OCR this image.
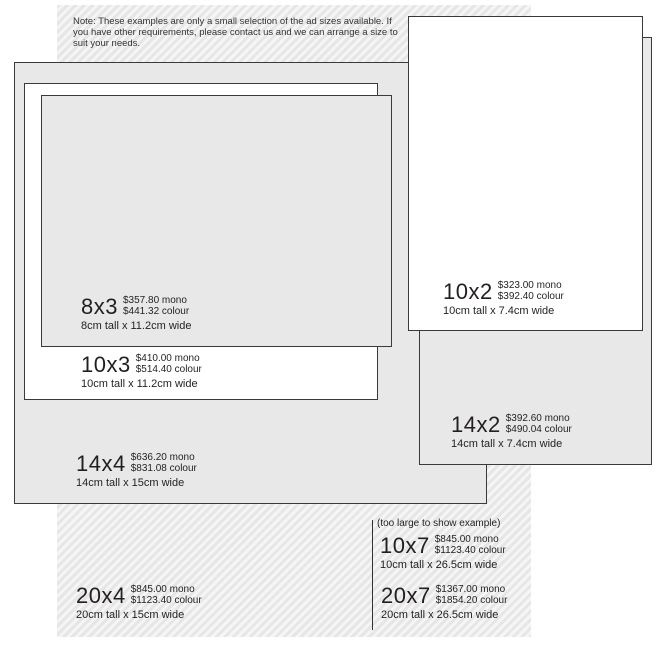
Note: These examples are only a small selection of the ad sizes available. If you have other requirements, please contact us and we can arrange a size to suit your needs.
8x3 $357.80 mono
$441.32 colour
8cm tall x 11.2cm wide
10x3 $410.00 mono
$514.40 colour
10cm tall x 11.2cm wide
14x4 $636.20 mono
$831.08 colour
14cm tall x 15cm wide
10x2 $323.00 mono
$392.40 colour
10cm tall x 7.4cm wide
14x2 $392.60 mono
$490.04 colour
14cm tall x 7.4cm wide
20x4 $845.00 mono
$1123.40 colour
20cm tall x 15cm wide
(too large to show example)
10x7 $845.00 mono
$1123.40 colour
10cm tall x 26.5cm wide
20x7 $1367.00 mono
$1854.20 colour
20cm tall x 26.5cm wide
